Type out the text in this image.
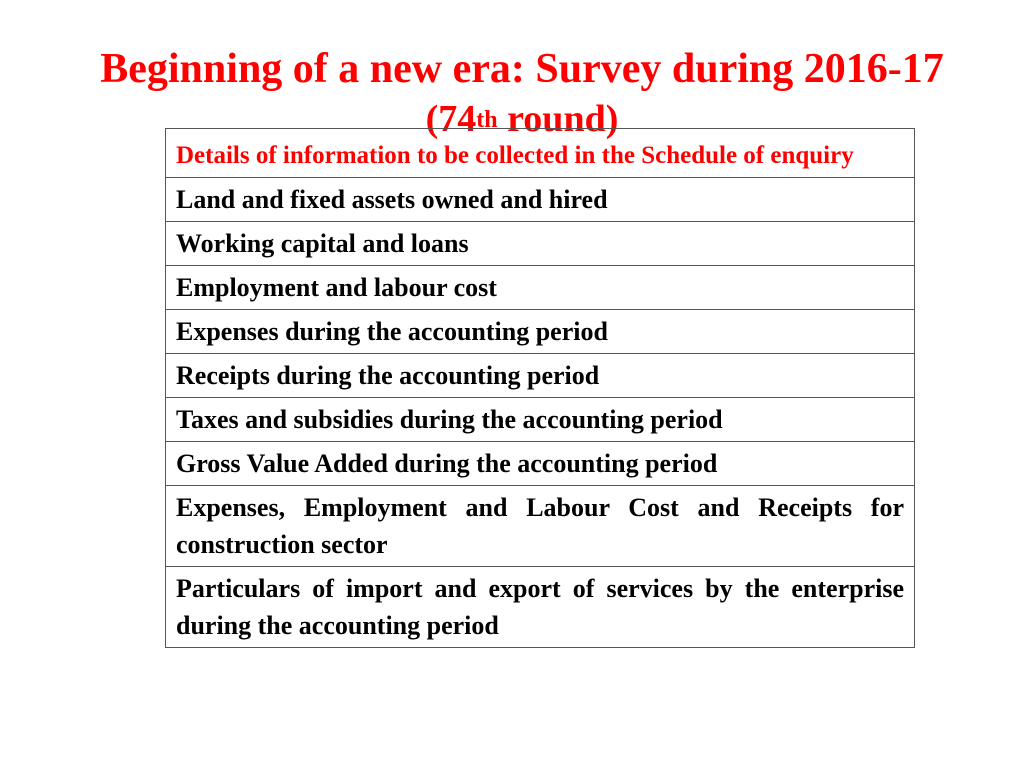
Beginning of a new era: Survey during 2016-17
(74th round)
Details of information to be collected in the Schedule of enquiry
Land and fixed assets owned and hired
Working capital and loans
Employment and labour cost
Expenses during the accounting period
Receipts during the accounting period
Taxes and subsidies during the accounting period
Gross Value Added during the accounting period
Expenses, Employment and Labour Cost and Receipts for construction sector
Particulars of import and export of services by the enterprise during the accounting period
